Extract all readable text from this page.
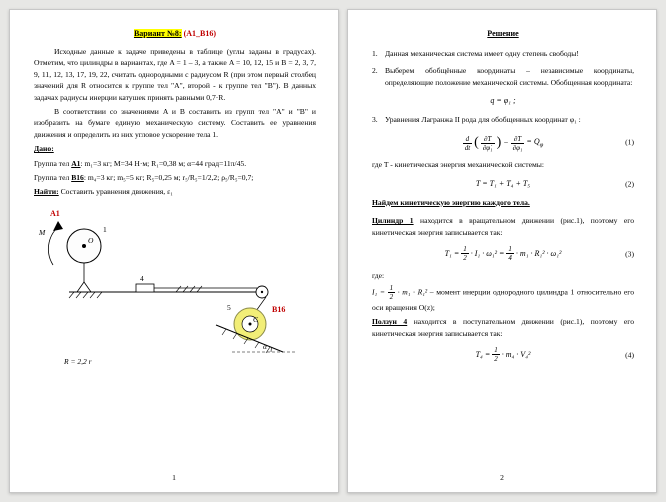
Вариант №8: (A1_B16)

Исходные данные к задаче приведены в таблице (углы заданы в градусах). Отметим, что цилиндры в вариантах, где A = 1 – 3, а также A = 10, 12, 15 и B = 2, 3, 7, 9, 11, 12, 13, 17, 19, 22, считать однородными с радиусом R (при этом первый столбец значений для R относится к группе тел "A", второй - к группе тел "B"). В данных задачах радиусы инерции катушек принять равными 0,7·R.

В соответствии со значениями A и B составить из групп тел "A" и "B" и изобразить на бумаге единую механическую систему. Составить ее уравнения движения и определить из них угловое ускорение тела 1.

Дано:

Группа тел A1: m₁=3 кг; M=34 Н·м; R₁=0,38 м; α=44 град=11π/45.

Группа тел B16: m₄=3 кг; m₅=5 кг; R₅=0,25 м; r₅/R₅=1/2,2; ρ₅/R₅=0,7;

Найти: Составить уравнения движения, ε₁

A1
M
O
1
4
B16
C
5
α
R = 2,2 r
1
Решение
1. Данная механическая система имеет одну степень свободы!
2. Выберем обобщённые координаты – независимые координаты, определяющие положение механической системы. Обобщенная координата:
q = φ₁ ;
3. Уравнения Лагранжа II рода для обобщенных координат φ₁ :
$\frac{d}{dt}$ ( $\frac{\partial T}{\text{∂φ̇₁}}$ ) − $\frac{\partial T}{\text{∂φ₁}} = Q_\varphi$	(1)

где T - кинетическая энергия механической системы:

T = T₁ + T₄ + T₅	(2)

Найдем кинетическую энергию каждого тела.

Цилиндр 1 находится в вращательном движении (рис.1), поэтому его кинетическая энергия записывается так:

$T_1 = \frac{1}{2} \cdot I_1 \cdot \omega_1^2 = \frac{1}{4} \cdot m_1 \cdot R_1^2 \cdot \omega_1^2$	(3)

где:

$I_1 = \frac{1}{2} \cdot m_1 \cdot R_1^2$ – момент инерции однородного цилиндра 1 относительно его оси вращения O(z);

Ползун 4 находится в поступательном движении (рис.1), поэтому его кинетическая энергия записывается так:

$T_4 = \frac{1}{2} \cdot m_4 \cdot V_4^2$	(4)
2
